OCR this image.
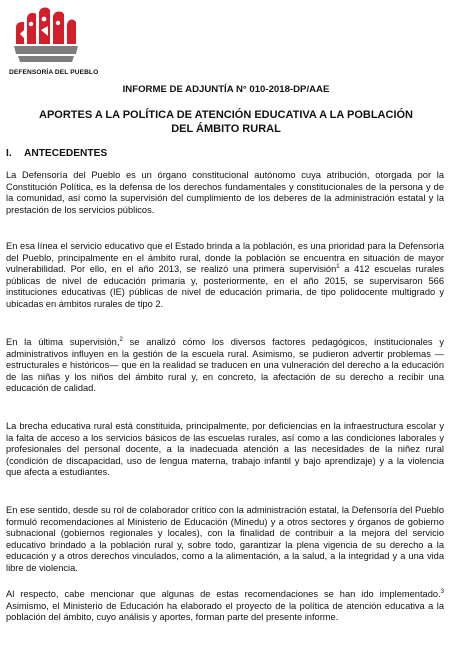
DEFENSORÍA DEL PUEBLO
INFORME DE ADJUNTÍA N° 010-2018-DP/AAE
APORTES A LA POLÍTICA DE ATENCIÓN EDUCATIVA A LA POBLACIÓN DEL ÁMBITO RURAL
I. ANTECEDENTES

La Defensoría del Pueblo es un órgano constitucional autónomo cuya atribución, otorgada por la Constitución Política, es la defensa de los derechos fundamentales y constitucionales de la persona y de la comunidad, así como la supervisión del cumplimiento de los deberes de la administración estatal y la prestación de los servicios públicos.

En esa línea el servicio educativo que el Estado brinda a la población, es una prioridad para la Defensoría del Pueblo, principalmente en el ámbito rural, donde la población se encuentra en situación de mayor vulnerabilidad. Por ello, en el año 2013, se realizó una primera supervisión$^1$ a 412 escuelas rurales públicas de nivel de educación primaria y, posteriormente, en el año 2015, se supervisaron 566 instituciones educativas (IE) públicas de nivel de educación primaria, de tipo polidocente multigrado y ubicadas en ámbitos rurales de tipo 2.

En la última supervisión,$^2$ se analizó cómo los diversos factores pedagógicos, institucionales y administrativos influyen en la gestión de la escuela rural. Asimismo, se pudieron advertir problemas —estructurales e históricos— que en la realidad se traducen en una vulneración del derecho a la educación de las niñas y los niños del ámbito rural y, en concreto, la afectación de su derecho a recibir una educación de calidad.

La brecha educativa rural está constituida, principalmente, por deficiencias en la infraestructura escolar y la falta de acceso a los servicios básicos de las escuelas rurales, así como a las condiciones laborales y profesionales del personal docente, a la inadecuada atención a las necesidades de la niñez rural (condición de discapacidad, uso de lengua materna, trabajo infantil y bajo aprendizaje) y a la violencia que afecta a estudiantes.

En ese sentido, desde su rol de colaborador crítico con la administración estatal, la Defensoría del Pueblo formuló recomendaciones al Ministerio de Educación (Minedu) y a otros sectores y órganos de gobierno subnacional (gobiernos regionales y locales), con la finalidad de contribuir a la mejora del servicio educativo brindado a la población rural y, sobre todo, garantizar la plena vigencia de su derecho a la educación y a otros derechos vinculados, como a la alimentación, a la salud, a la integridad y a una vida libre de violencia.

Al respecto, cabe mencionar que algunas de estas recomendaciones se han ido implementado.$^3$ Asimismo, el Ministerio de Educación ha elaborado el proyecto de la política de atención educativa a la población del ámbito, cuyo análisis y aportes, forman parte del presente informe.
